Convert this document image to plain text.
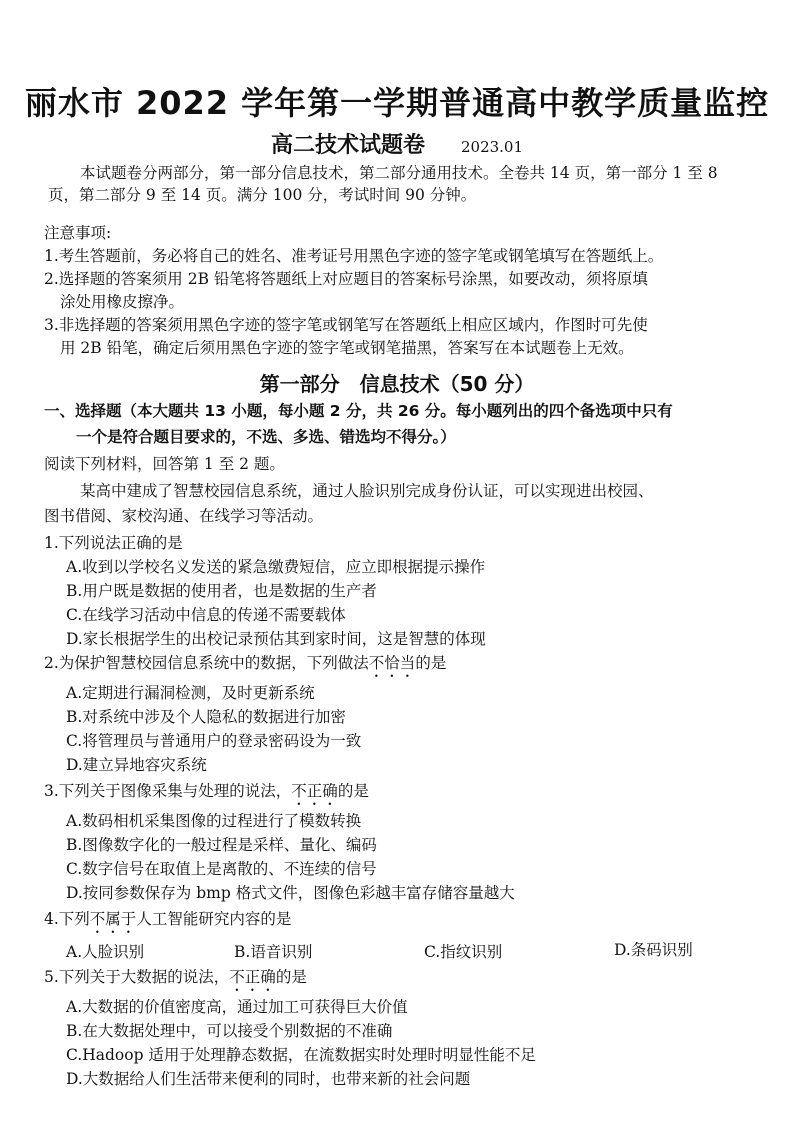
丽水市 2022 学年第一学期普通高中教学质量监控
高二技术试题卷 2023.01
本试题卷分两部分，第一部分信息技术，第二部分通用技术。全卷共 14 页，第一部分 1 至 8 页，第二部分 9 至 14 页。满分 100 分，考试时间 90 分钟。
注意事项:
1.考生答题前，务必将自己的姓名、准考证号用黑色字迹的签字笔或钢笔填写在答题纸上。
2.选择题的答案须用 2B 铅笔将答题纸上对应题目的答案标号涂黑，如要改动，须将原填
涂处用橡皮擦净。
3.非选择题的答案须用黑色字迹的签字笔或钢笔写在答题纸上相应区域内，作图时可先使
用 2B 铅笔，确定后须用黑色字迹的签字笔或钢笔描黑，答案写在本试题卷上无效。
第一部分　信息技术（50 分）
一、选择题（本大题共 13 小题，每小题 2 分，共 26 分。每小题列出的四个备选项中只有
一个是符合题目要求的，不选、多选、错选均不得分。）
阅读下列材料，回答第 1 至 2 题。
某高中建成了智慧校园信息系统，通过人脸识别完成身份认证，可以实现进出校园、
图书借阅、家校沟通、在线学习等活动。
1.下列说法正确的是
A.收到以学校名义发送的紧急缴费短信，应立即根据提示操作
B.用户既是数据的使用者，也是数据的生产者
C.在线学习活动中信息的传递不需要载体
D.家长根据学生的出校记录预估其到家时间，这是智慧的体现
2.为保护智慧校园信息系统中的数据，下列做法不恰当的是
A.定期进行漏洞检测，及时更新系统
B.对系统中涉及个人隐私的数据进行加密
C.将管理员与普通用户的登录密码设为一致
D.建立异地容灾系统
3.下列关于图像采集与处理的说法，不正确的是
A.数码相机采集图像的过程进行了模数转换
B.图像数字化的一般过程是采样、量化、编码
C.数字信号在取值上是离散的、不连续的信号
D.按同参数保存为 bmp 格式文件，图像色彩越丰富存储容量越大
4.下列不属于人工智能研究内容的是
A.人脸识别	B.语音识别	C.指纹识别	D.条码识别
5.下列关于大数据的说法，不正确的是
A.大数据的价值密度高，通过加工可获得巨大价值
B.在大数据处理中，可以接受个别数据的不准确
C.Hadoop 适用于处理静态数据，在流数据实时处理时明显性能不足
D.大数据给人们生活带来便利的同时，也带来新的社会问题
